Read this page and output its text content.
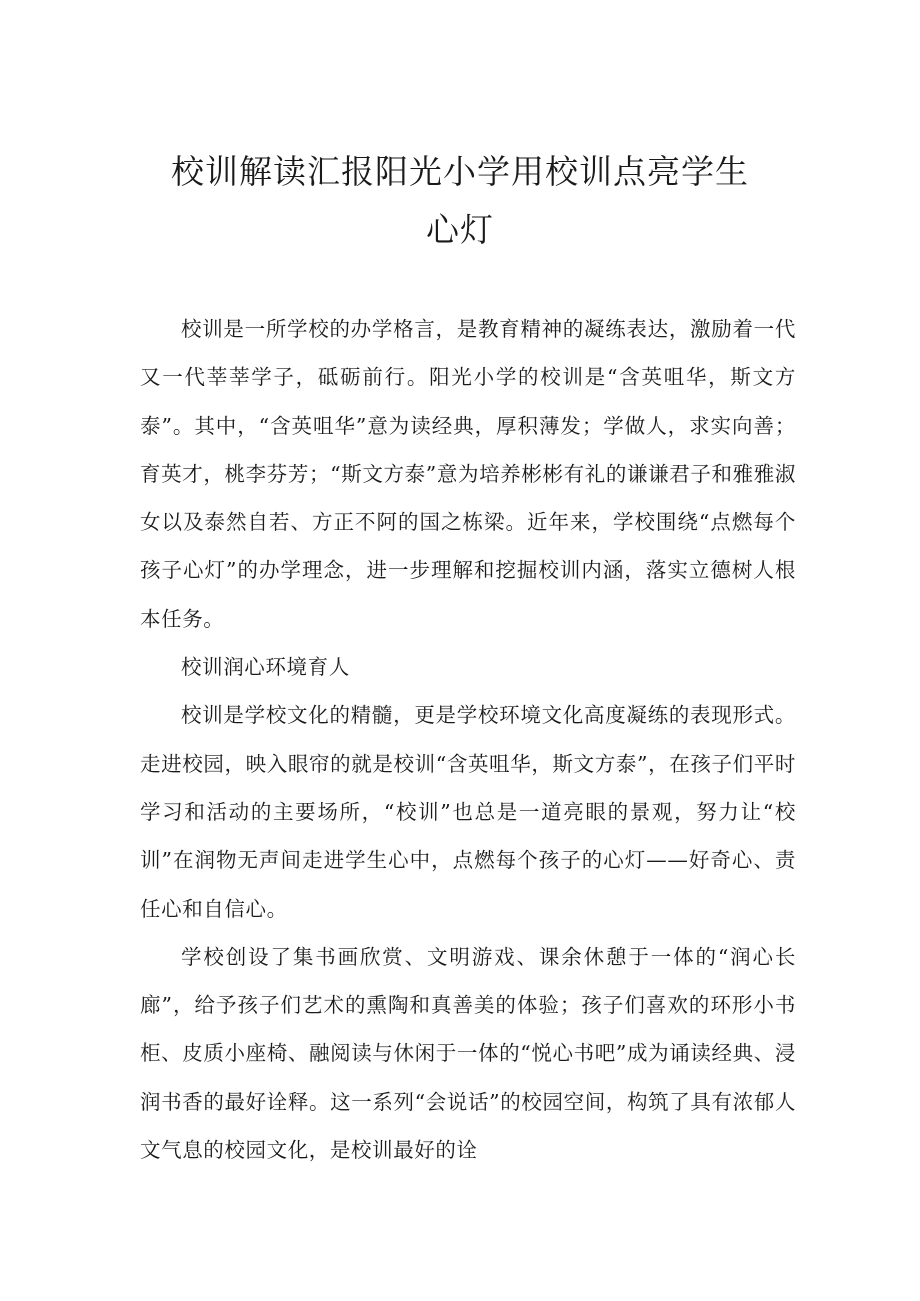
校训解读汇报阳光小学用校训点亮学生
心灯

校训是一所学校的办学格言，是教育精神的凝练表达，激励着一代又一代莘莘学子，砥砺前行。阳光小学的校训是“含英咀华，斯文方泰”。其中，“含英咀华”意为读经典，厚积薄发；学做人，求实向善；育英才，桃李芬芳；“斯文方泰”意为培养彬彬有礼的谦谦君子和雅雅淑女以及泰然自若、方正不阿的国之栋梁。近年来，学校围绕“点燃每个孩子心灯”的办学理念，进一步理解和挖掘校训内涵，落实立德树人根本任务。

校训润心环境育人

校训是学校文化的精髓，更是学校环境文化高度凝练的表现形式。走进校园，映入眼帘的就是校训“含英咀华，斯文方泰”，在孩子们平时学习和活动的主要场所，“校训”也总是一道亮眼的景观，努力让“校训”在润物无声间走进学生心中，点燃每个孩子的心灯——好奇心、责任心和自信心。

学校创设了集书画欣赏、文明游戏、课余休憩于一体的“润心长廊”，给予孩子们艺术的熏陶和真善美的体验；孩子们喜欢的环形小书柜、皮质小座椅、融阅读与休闲于一体的“悦心书吧”成为诵读经典、浸润书香的最好诠释。这一系列“会说话”的校园空间，构筑了具有浓郁人文气息的校园文化，是校训最好的诠
